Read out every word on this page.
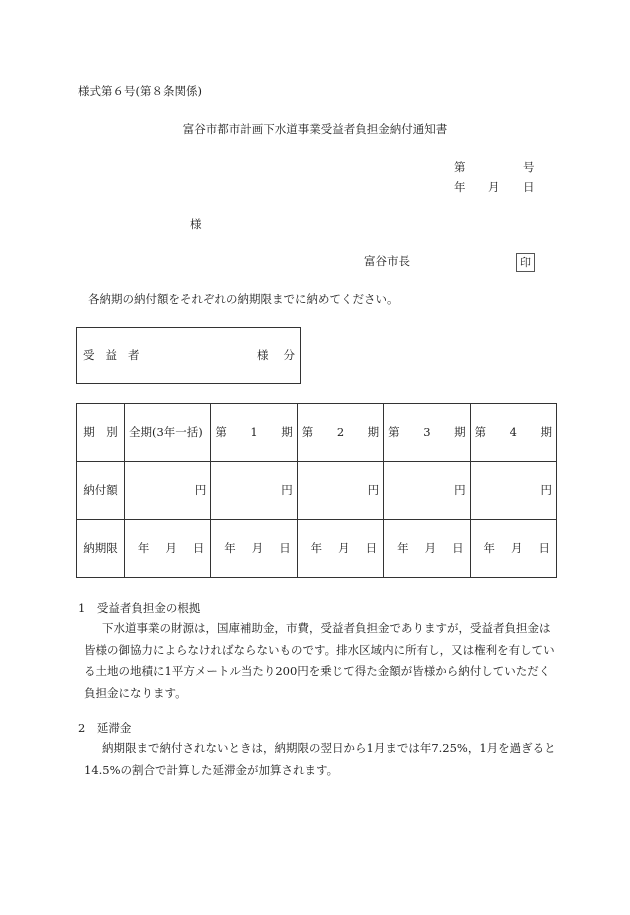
様式第６号(第８条関係)
富谷市都市計画下水道事業受益者負担金納付通知書
第	号
年 月 日
様
富谷市長	印
各納期の納付額をそれぞれの納期限までに納めてください。
受益者	様分
期　別	全期(3年一括)	第 1 期	第 2 期	第 3 期	第 4 期

納付額	円	円	円	円	円
納期限	年 月 日	年 月 日	年 月 日	年 月 日	年 月 日

1　受益者負担金の根拠

下水道事業の財源は，国庫補助金，市費，受益者負担金でありますが，受益者負担金は皆様の御協力によらなければならないものです。排水区域内に所有し，又は権利を有している土地の地積に1平方メートル当たり200円を乗じて得た金額が皆様から納付していただく負担金になります。

2　延滞金

納期限まで納付されないときは，納期限の翌日から1月までは年7.25%，1月を過ぎると14.5%の割合で計算した延滞金が加算されます。
